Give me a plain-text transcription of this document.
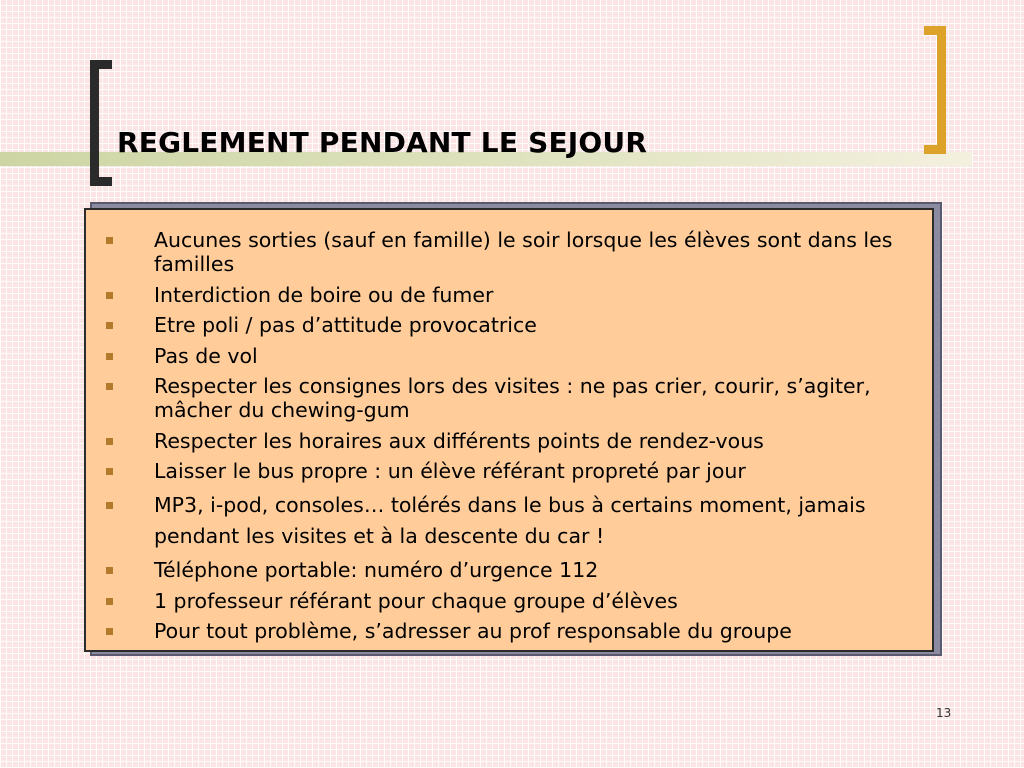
REGLEMENT PENDANT LE SEJOUR
Aucunes sorties (sauf en famille) le soir lorsque les élèves sont dans les familles
Interdiction de boire ou de fumer
Etre poli / pas d’attitude provocatrice
Pas de vol
Respecter les consignes lors des visites : ne pas crier, courir, s’agiter, mâcher du chewing-gum
Respecter les horaires aux différents points de rendez-vous
Laisser le bus propre : un élève référant propreté par jour
MP3, i-pod, consoles… tolérés dans le bus à certains moment, jamais pendant les visites et à la descente du car !
Téléphone portable: numéro d’urgence 112
1 professeur référant pour chaque groupe d’élèves
Pour tout problème, s’adresser au prof responsable du groupe
13
